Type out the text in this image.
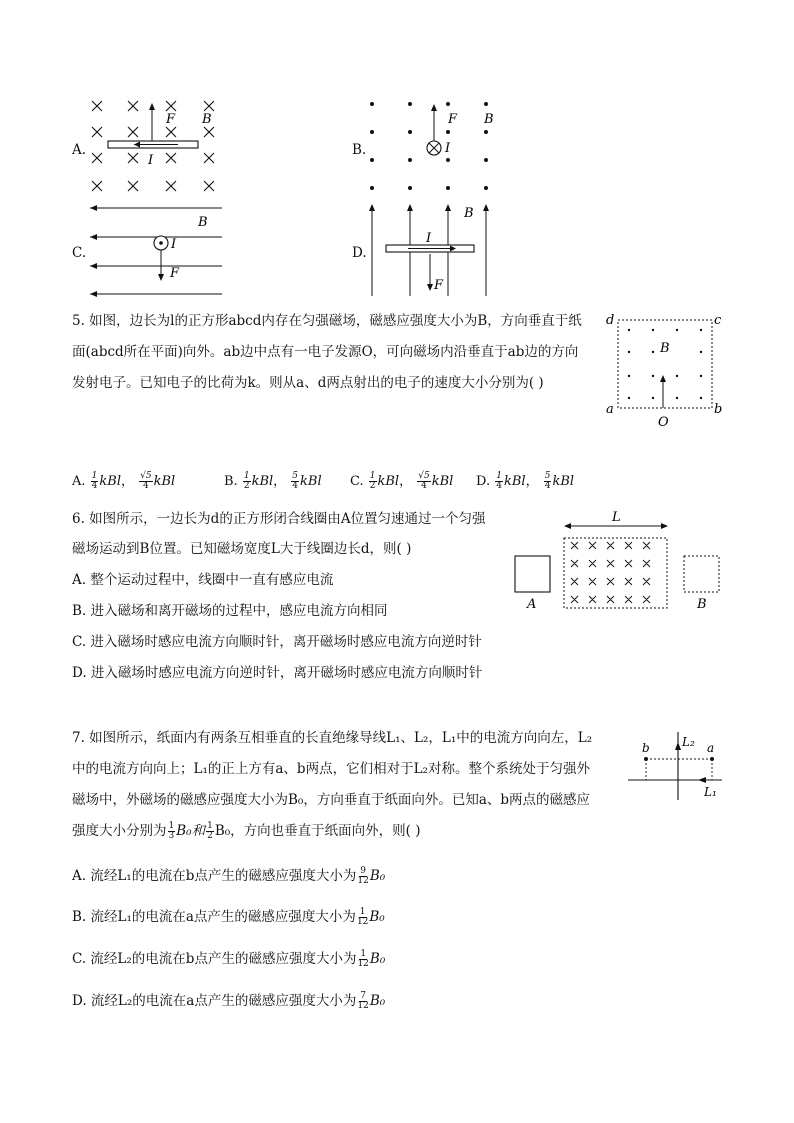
A.
F B
I
B.
F B
I
C.
B
I
F
D.
B
I
F
5. 如图，边长为l的正方形abcd内存在匀强磁场，磁感应强度大小为B，方向垂直于纸
面(abcd所在平面)向外。ab边中点有一电子发源O，可向磁场内沿垂直于ab边的方向
发射电子。已知电子的比荷为k。则从a、d两点射出的电子的速度大小分别为( )
d	c
a	b
B
O
A. $\frac{1}{4}$ kBl， $\frac{√5}{4}$ kBl	B. $\frac{1}{2}$ kBl， $\frac{5}{4}$ kBl C. $\frac{1}{2}$ kBl， $\frac{√5}{4}$ kBl D. $\frac{1}{4}$ kBl， $\frac{5}{4}$ kBl
6. 如图所示，一边长为d的正方形闭合线圈由A位置匀速通过一个匀强
磁场运动到B位置。已知磁场宽度L大于线圈边长d，则( )
A. 整个运动过程中，线圈中一直有感应电流
B. 进入磁场和离开磁场的过程中，感应电流方向相同
C. 进入磁场时感应电流方向顺时针，离开磁场时感应电流方向逆时针
D. 进入磁场时感应电流方向逆时针，离开磁场时感应电流方向顺时针
L
A	B
7. 如图所示，纸面内有两条互相垂直的长直绝缘导线L₁、L₂，L₁中的电流方向向左，L₂
中的电流方向向上；L₁的正上方有a、b两点，它们相对于L₂对称。整个系统处于匀强外
磁场中，外磁场的磁感应强度大小为B₀，方向垂直于纸面向外。已知a、b两点的磁感应
强度大小分别为 $\frac{1}{3} B_0$和 $\frac{1}{2} B_0$，方向也垂直于纸面向外，则( )
A. 流经L₁的电流在b点产生的磁感应强度大小为 $\frac{9}{12} B_0$
B. 流经L₁的电流在a点产生的磁感应强度大小为 $\frac{1}{12} B_0$
C. 流经L₂的电流在b点产生的磁感应强度大小为 $\frac{1}{12} B_0$
D. 流经L₂的电流在a点产生的磁感应强度大小为 $\frac{7}{12} B_0$
b	a
L₂
L₁
